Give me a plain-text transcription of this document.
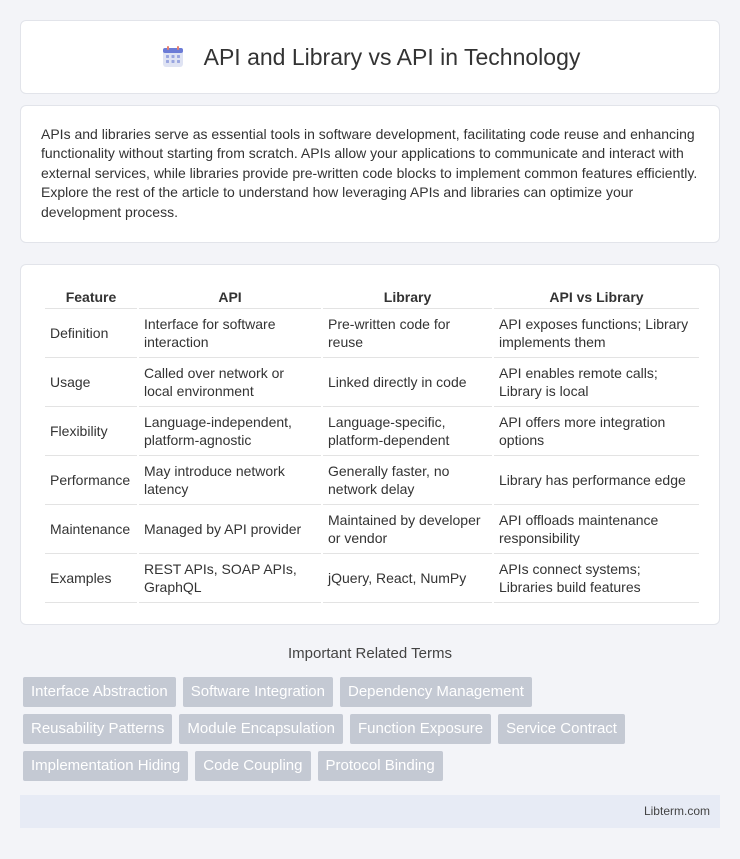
API and Library vs API in Technology

APIs and libraries serve as essential tools in software development, facilitating code reuse and enhancing functionality without starting from scratch. APIs allow your applications to communicate and interact with external services, while libraries provide pre-written code blocks to implement common features efficiently. Explore the rest of the article to understand how leveraging APIs and libraries can optimize your development process.

Feature	API	Library	API vs Library
Definition	Interface for software interaction	Pre-written code for reuse	API exposes functions; Library implements them
Usage	Called over network or local environment	Linked directly in code	API enables remote calls; Library is local
Flexibility	Language-independent, platform-agnostic	Language-specific, platform-dependent	API offers more integration options
Performance	May introduce network latency	Generally faster, no network delay	Library has performance edge
Maintenance	Managed by API provider	Maintained by developer or vendor	API offloads maintenance responsibility
Examples	REST APIs, SOAP APIs, GraphQL	jQuery, React, NumPy	APIs connect systems; Libraries build features
Important Related Terms
Interface Abstraction	Software Integration	Dependency Management
Reusability Patterns	Module Encapsulation	Function Exposure	Service Contract
Implementation Hiding	Code Coupling	Protocol Binding
Libterm.com
